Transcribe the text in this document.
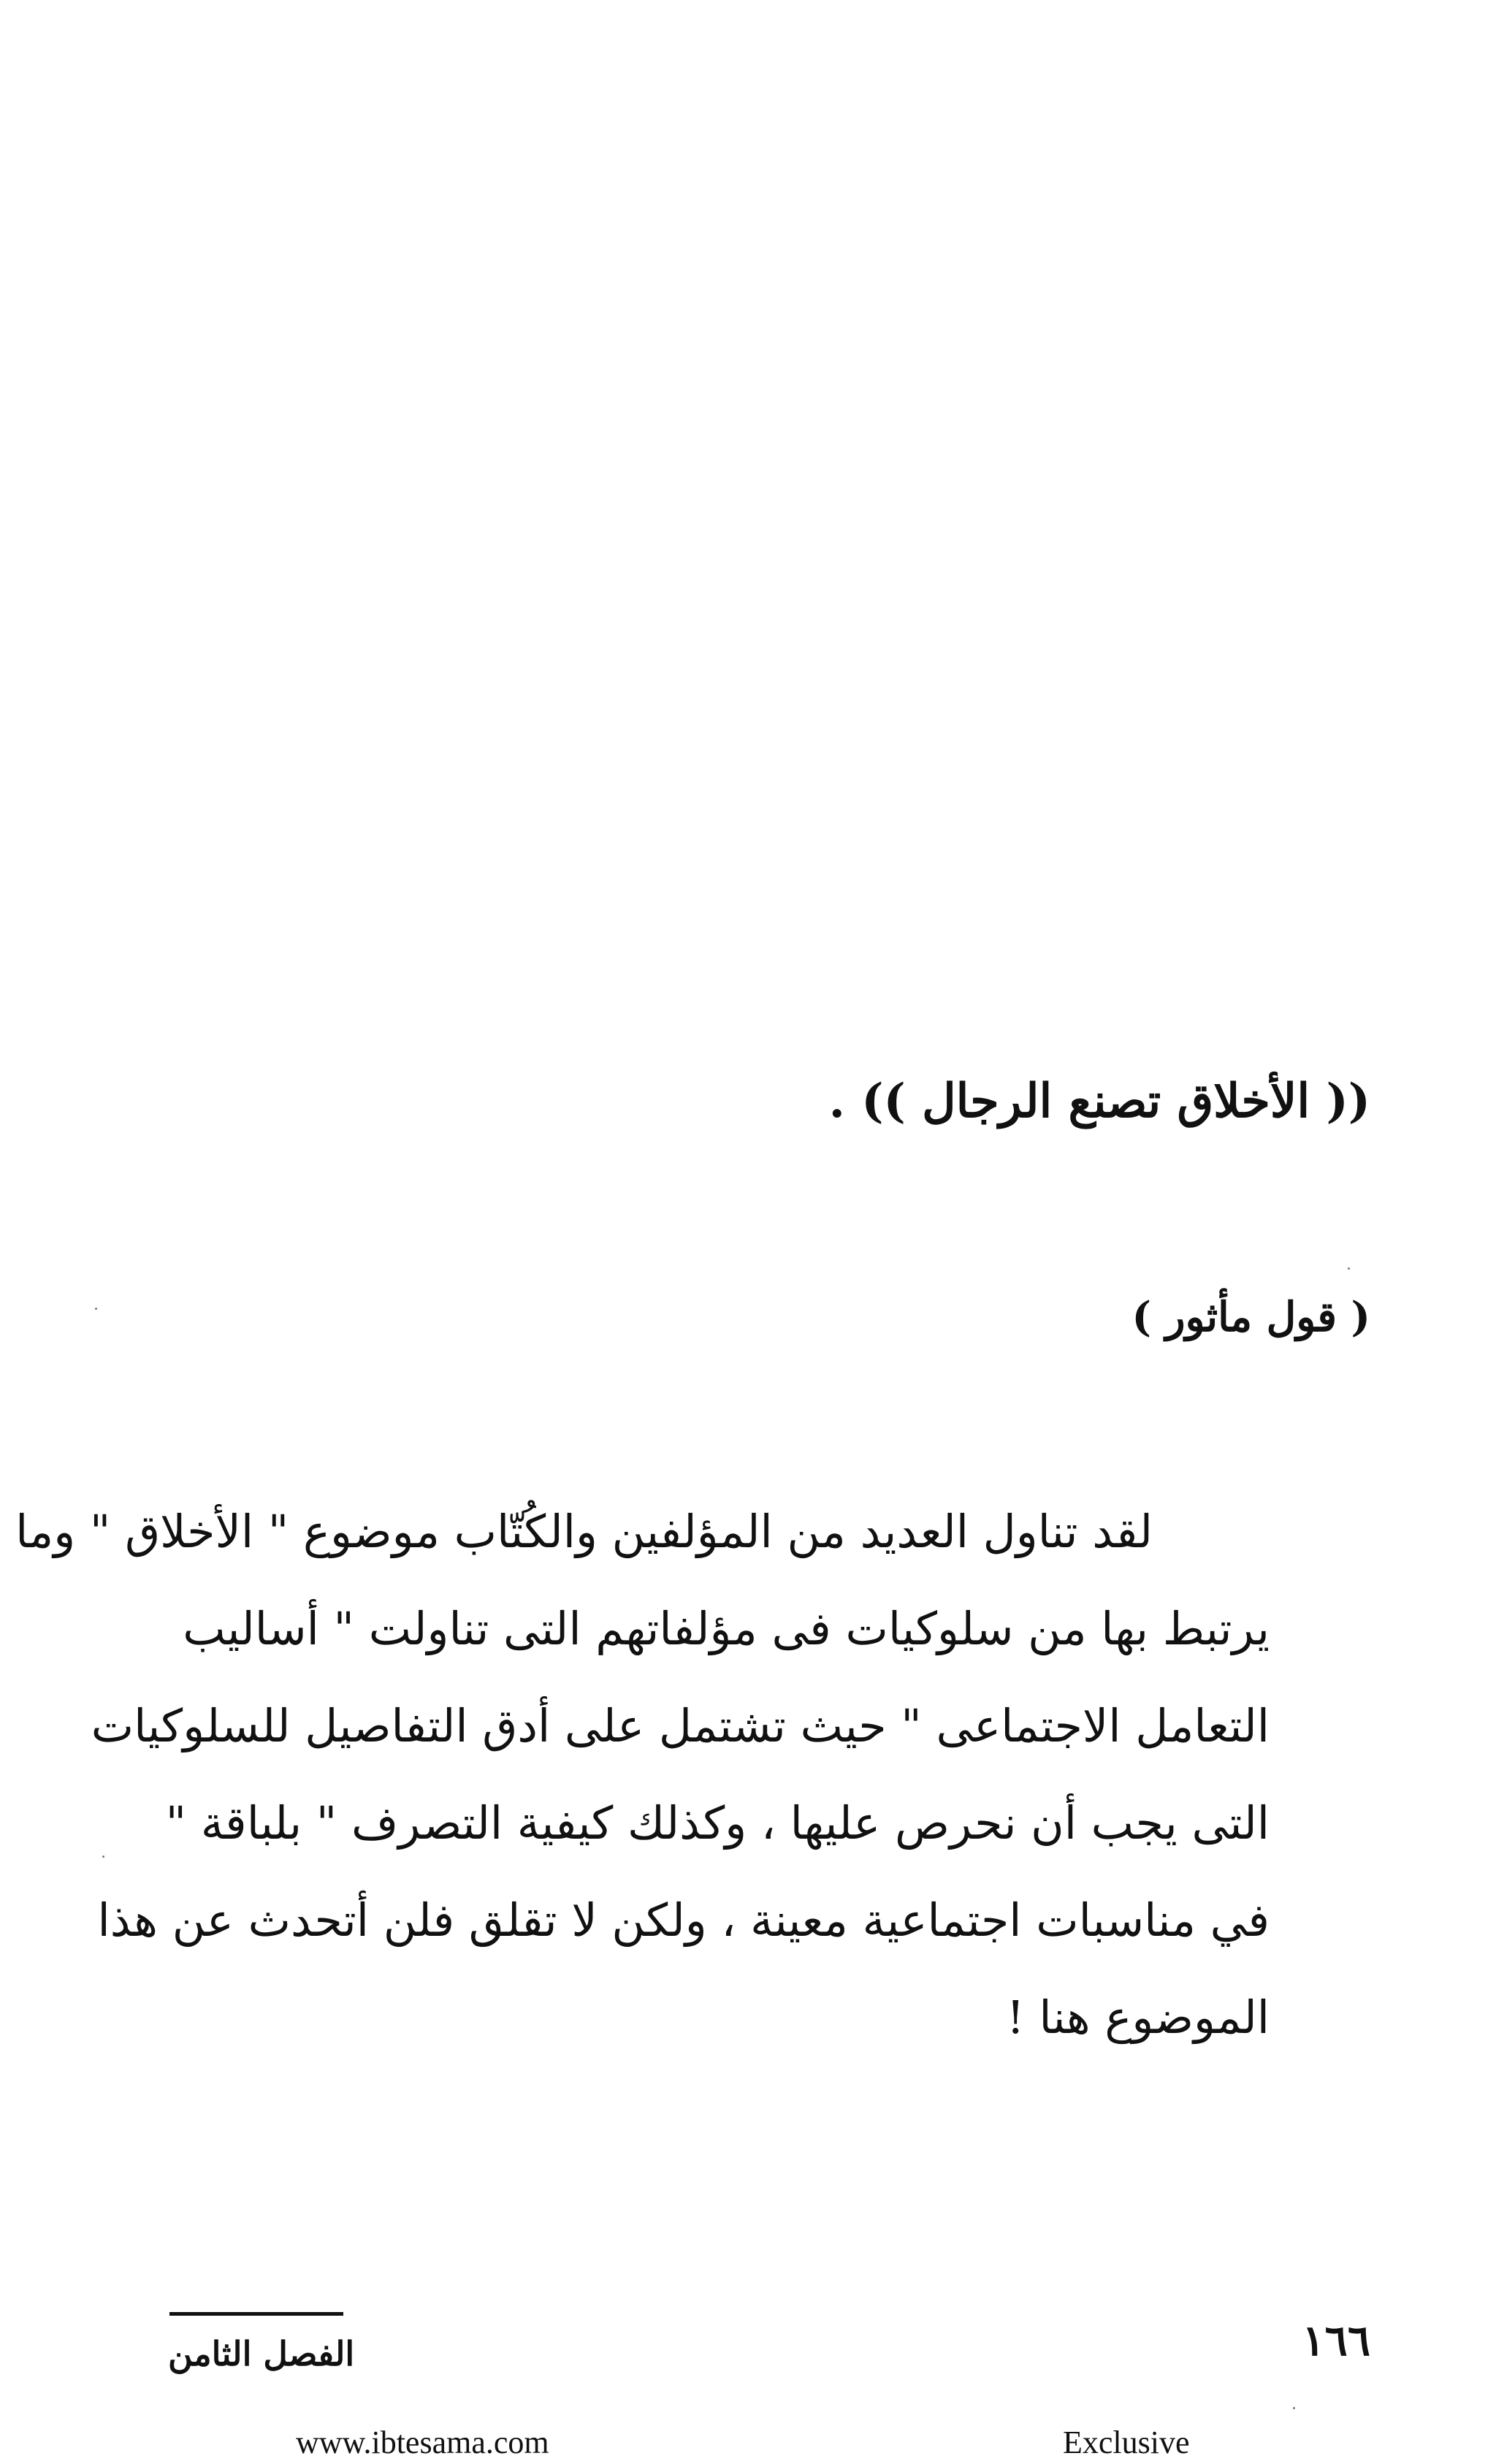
(( الأخلاق تصنع الرجال )) .
( قول مأثور )
لقد تناول العديد من المؤلفين والكُتّاب موضوع " الأخلاق " وما
يرتبط بها من سلوكيات فى مؤلفاتهم التى تناولت " أساليب
التعامل الاجتماعى " حيث تشتمل على أدق التفاصيل للسلوكيات
التى يجب أن نحرص عليها ، وكذلك كيفية التصرف " بلباقة "
في مناسبات اجتماعية معينة ، ولكن لا تقلق فلن أتحدث عن هذا
الموضوع هنا !
الفصل الثامن	١٦٦
www.ibtesama.com	Exclusive
